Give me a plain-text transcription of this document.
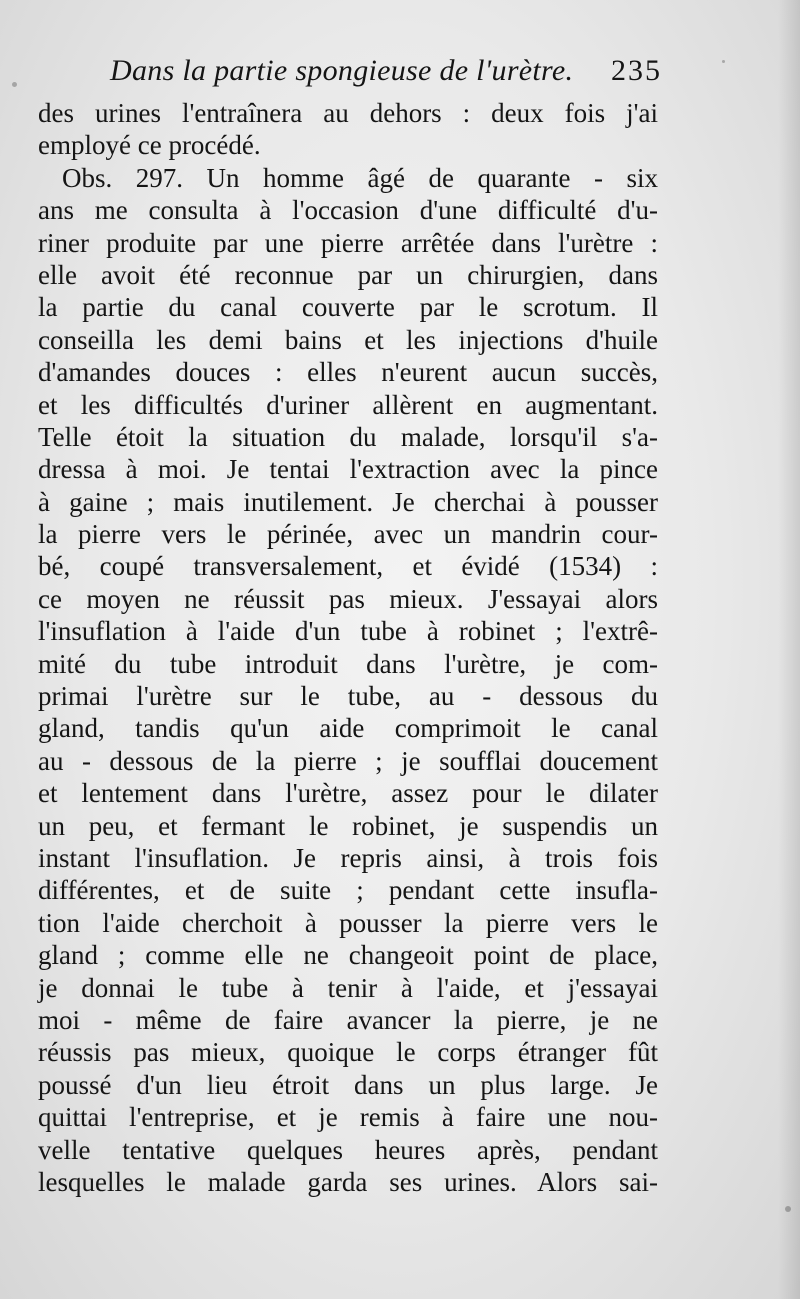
Dans la partie spongieuse de l'urètre. 235
des urines l'entraînera au dehors : deux fois j'ai
employé ce procédé.
Obs. 297. Un homme âgé de quarante - six
ans me consulta à l'occasion d'une difficulté d'u-
riner produite par une pierre arrêtée dans l'urètre :
elle avoit été reconnue par un chirurgien, dans
la partie du canal couverte par le scrotum. Il
conseilla les demi bains et les injections d'huile
d'amandes douces : elles n'eurent aucun succès,
et les difficultés d'uriner allèrent en augmentant.
Telle étoit la situation du malade, lorsqu'il s'a-
dressa à moi. Je tentai l'extraction avec la pince
à gaine ; mais inutilement. Je cherchai à pousser
la pierre vers le périnée, avec un mandrin cour-
bé, coupé transversalement, et évidé (1534) :
ce moyen ne réussit pas mieux. J'essayai alors
l'insuflation à l'aide d'un tube à robinet ; l'extrê-
mité du tube introduit dans l'urètre, je com-
primai l'urètre sur le tube, au - dessous du
gland, tandis qu'un aide comprimoit le canal
au - dessous de la pierre ; je soufflai doucement
et lentement dans l'urètre, assez pour le dilater
un peu, et fermant le robinet, je suspendis un
instant l'insuflation. Je repris ainsi, à trois fois
différentes, et de suite ; pendant cette insufla-
tion l'aide cherchoit à pousser la pierre vers le
gland ; comme elle ne changeoit point de place,
je donnai le tube à tenir à l'aide, et j'essayai
moi - même de faire avancer la pierre, je ne
réussis pas mieux, quoique le corps étranger fût
poussé d'un lieu étroit dans un plus large. Je
quittai l'entreprise, et je remis à faire une nou-
velle tentative quelques heures après, pendant
lesquelles le malade garda ses urines. Alors sai-
